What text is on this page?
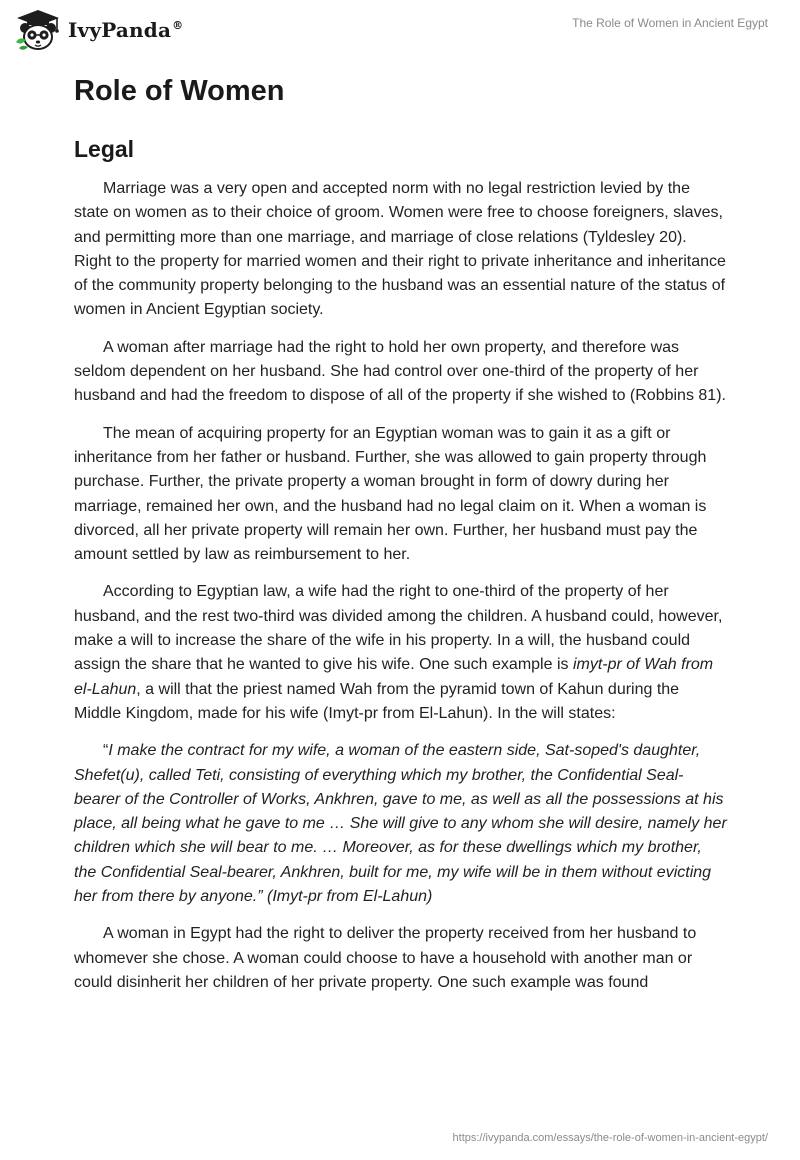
IvyPanda®	The Role of Women in Ancient Egypt
Role of Women
Legal

Marriage was a very open and accepted norm with no legal restriction levied by the state on women as to their choice of groom. Women were free to choose foreigners, slaves, and permitting more than one marriage, and marriage of close relations (Tyldesley 20). Right to the property for married women and their right to private inheritance and inheritance of the community property belonging to the husband was an essential nature of the status of women in Ancient Egyptian society.

A woman after marriage had the right to hold her own property, and therefore was seldom dependent on her husband. She had control over one-third of the property of her husband and had the freedom to dispose of all of the property if she wished to (Robbins 81).

The mean of acquiring property for an Egyptian woman was to gain it as a gift or inheritance from her father or husband. Further, she was allowed to gain property through purchase. Further, the private property a woman brought in form of dowry during her marriage, remained her own, and the husband had no legal claim on it. When a woman is divorced, all her private property will remain her own. Further, her husband must pay the amount settled by law as reimbursement to her.

According to Egyptian law, a wife had the right to one-third of the property of her husband, and the rest two-third was divided among the children. A husband could, however, make a will to increase the share of the wife in his property. In a will, the husband could assign the share that he wanted to give his wife. One such example is imyt-pr of Wah from el-Lahun, a will that the priest named Wah from the pyramid town of Kahun during the Middle Kingdom, made for his wife (Imyt-pr from El-Lahun). In the will states:

“I make the contract for my wife, a woman of the eastern side, Sat-soped's daughter, Shefet(u), called Teti, consisting of everything which my brother, the Confidential Seal- bearer of the Controller of Works, Ankhren, gave to me, as well as all the possessions at his place, all being what he gave to me … She will give to any whom she will desire, namely her children which she will bear to me. … Moreover, as for these dwellings which my brother, the Confidential Seal-bearer, Ankhren, built for me, my wife will be in them without evicting her from there by anyone.” (Imyt-pr from El-Lahun)

A woman in Egypt had the right to deliver the property received from her husband to whomever she chose. A woman could choose to have a household with another man or could disinherit her children of her private property. One such example was found

https://ivypanda.com/essays/the-role-of-women-in-ancient-egypt/
